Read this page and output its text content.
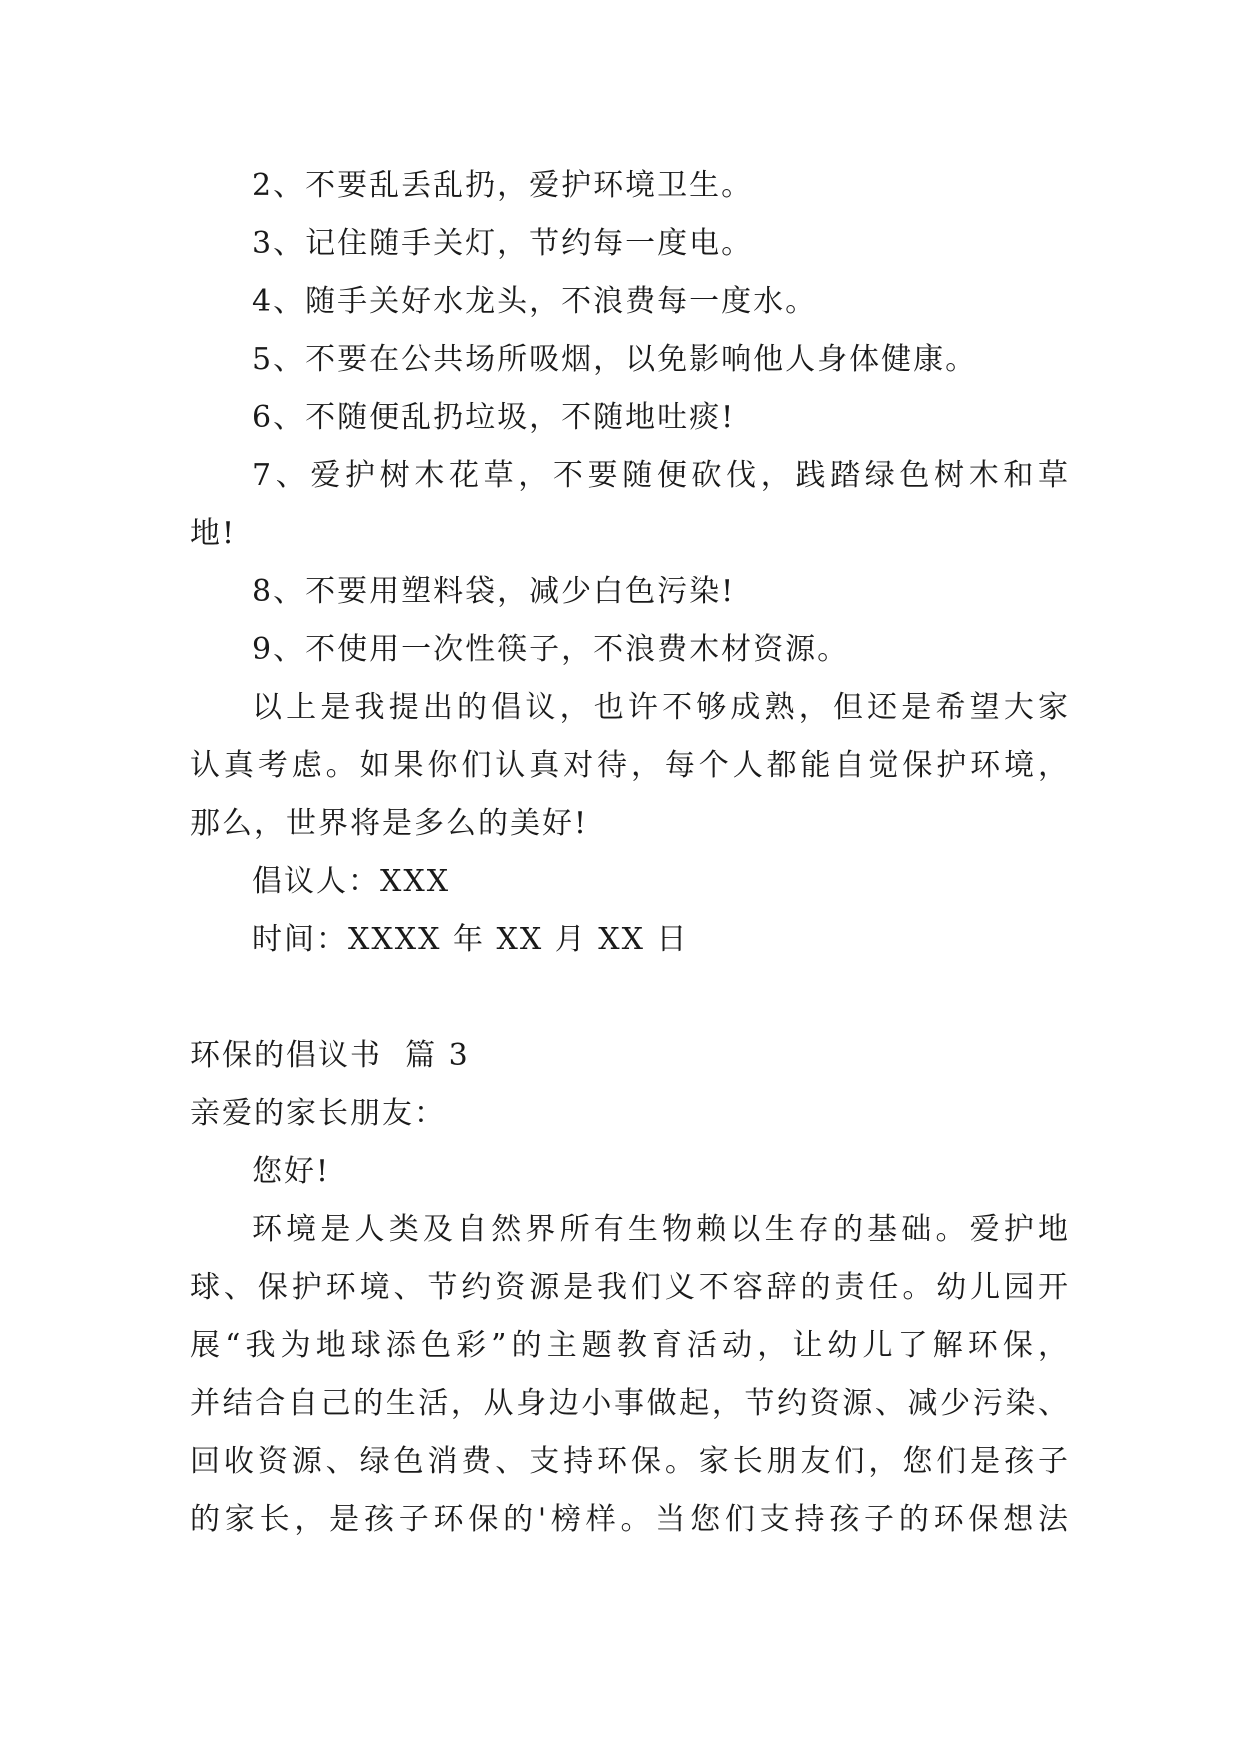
2、不要乱丢乱扔，爱护环境卫生。
3、记住随手关灯，节约每一度电。
4、随手关好水龙头，不浪费每一度水。
5、不要在公共场所吸烟，以免影响他人身体健康。
6、不随便乱扔垃圾，不随地吐痰!
7、爱护树木花草，不要随便砍伐，践踏绿色树木和草
地!
8、不要用塑料袋，减少白色污染!
9、不使用一次性筷子，不浪费木材资源。
以上是我提出的倡议，也许不够成熟，但还是希望大家
认真考虑。如果你们认真对待，每个人都能自觉保护环境，
那么，世界将是多么的美好!
倡议人：XXX
时间：XXXX 年 XX 月 XX 日
环保的倡议书  篇 3
亲爱的家长朋友：
您好!
环境是人类及自然界所有生物赖以生存的基础。爱护地
球、保护环境、节约资源是我们义不容辞的责任。幼儿园开
展“我为地球添色彩”的主题教育活动，让幼儿了解环保，
并结合自己的生活，从身边小事做起，节约资源、减少污染、
回收资源、绿色消费、支持环保。家长朋友们，您们是孩子
的家长，是孩子环保的'榜样。当您们支持孩子的环保想法
